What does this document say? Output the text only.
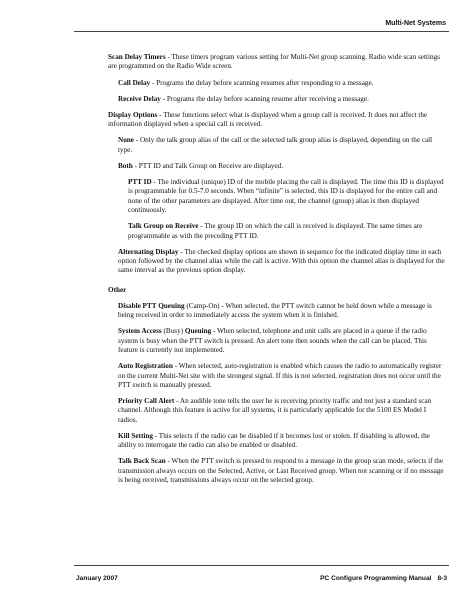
Multi-Net Systems

Scan Delay Timers - These timers program various setting for Multi-Net group scanning. Radio wide scan settings are programmed on the Radio Wide screen.

Call Delay - Programs the delay before scanning resumes after responding to a message.

Receive Delay - Programs the delay before scanning resume after receiving a message.

Display Options - These functions select what is displayed when a group call is received. It does not affect the information displayed when a special call is received.

None - Only the talk group alias of the call or the selected talk group alias is displayed, depending on the call type.

Both - PTT ID and Talk Group on Receive are displayed.

PTT ID - The individual (unique) ID of the mobile placing the call is displayed. The time this ID is displayed is programmable for 0.5-7.0 seconds. When “infinite” is selected, this ID is displayed for the entire call and none of the other parameters are displayed. After time out, the channel (group) alias is then displayed continuously.

Talk Group on Receive - The group ID on which the call is received is displayed. The same times are programmable as with the preceding PTT ID.

Alternating Display - The checked display options are shown in sequence for the indicated display time in each option followed by the channel alias while the call is active. With this option the channel alias is displayed for the same interval as the previous option display.

Other

Disable PTT Queuing (Camp-On) - When selected, the PTT switch cannot be held down while a message is being received in order to immediately access the system when it is finished.

System Access (Busy) Queuing - When selected, telephone and unit calls are placed in a queue if the radio system is busy when the PTT switch is pressed. An alert tone then sounds when the call can be placed. This feature is currently not implemented.

Auto Registration - When selected, auto-registration is enabled which causes the radio to automatically register on the current Multi-Net site with the strongest signal. If this is not selected, registration does not occur until the PTT switch is manually pressed.

Priority Call Alert - An audible tone tells the user he is receiving priority traffic and not just a standard scan channel. Although this feature is active for all systems, it is particularly applicable for the 5100 ES Model I radios.

Kill Setting - This selects if the radio can be disabled if it becomes lost or stolen. If disabling is allowed, the ability to interrogate the radio can also be enabled or disabled.

Talk Back Scan - When the PTT switch is pressed to respond to a message in the group scan mode, selects if the transmission always occurs on the Selected, Active, or Last Received group. When not scanning or if no message is being received, transmissions always occur on the selected group.

January 2007	PC Configure Programming Manual 8-3
